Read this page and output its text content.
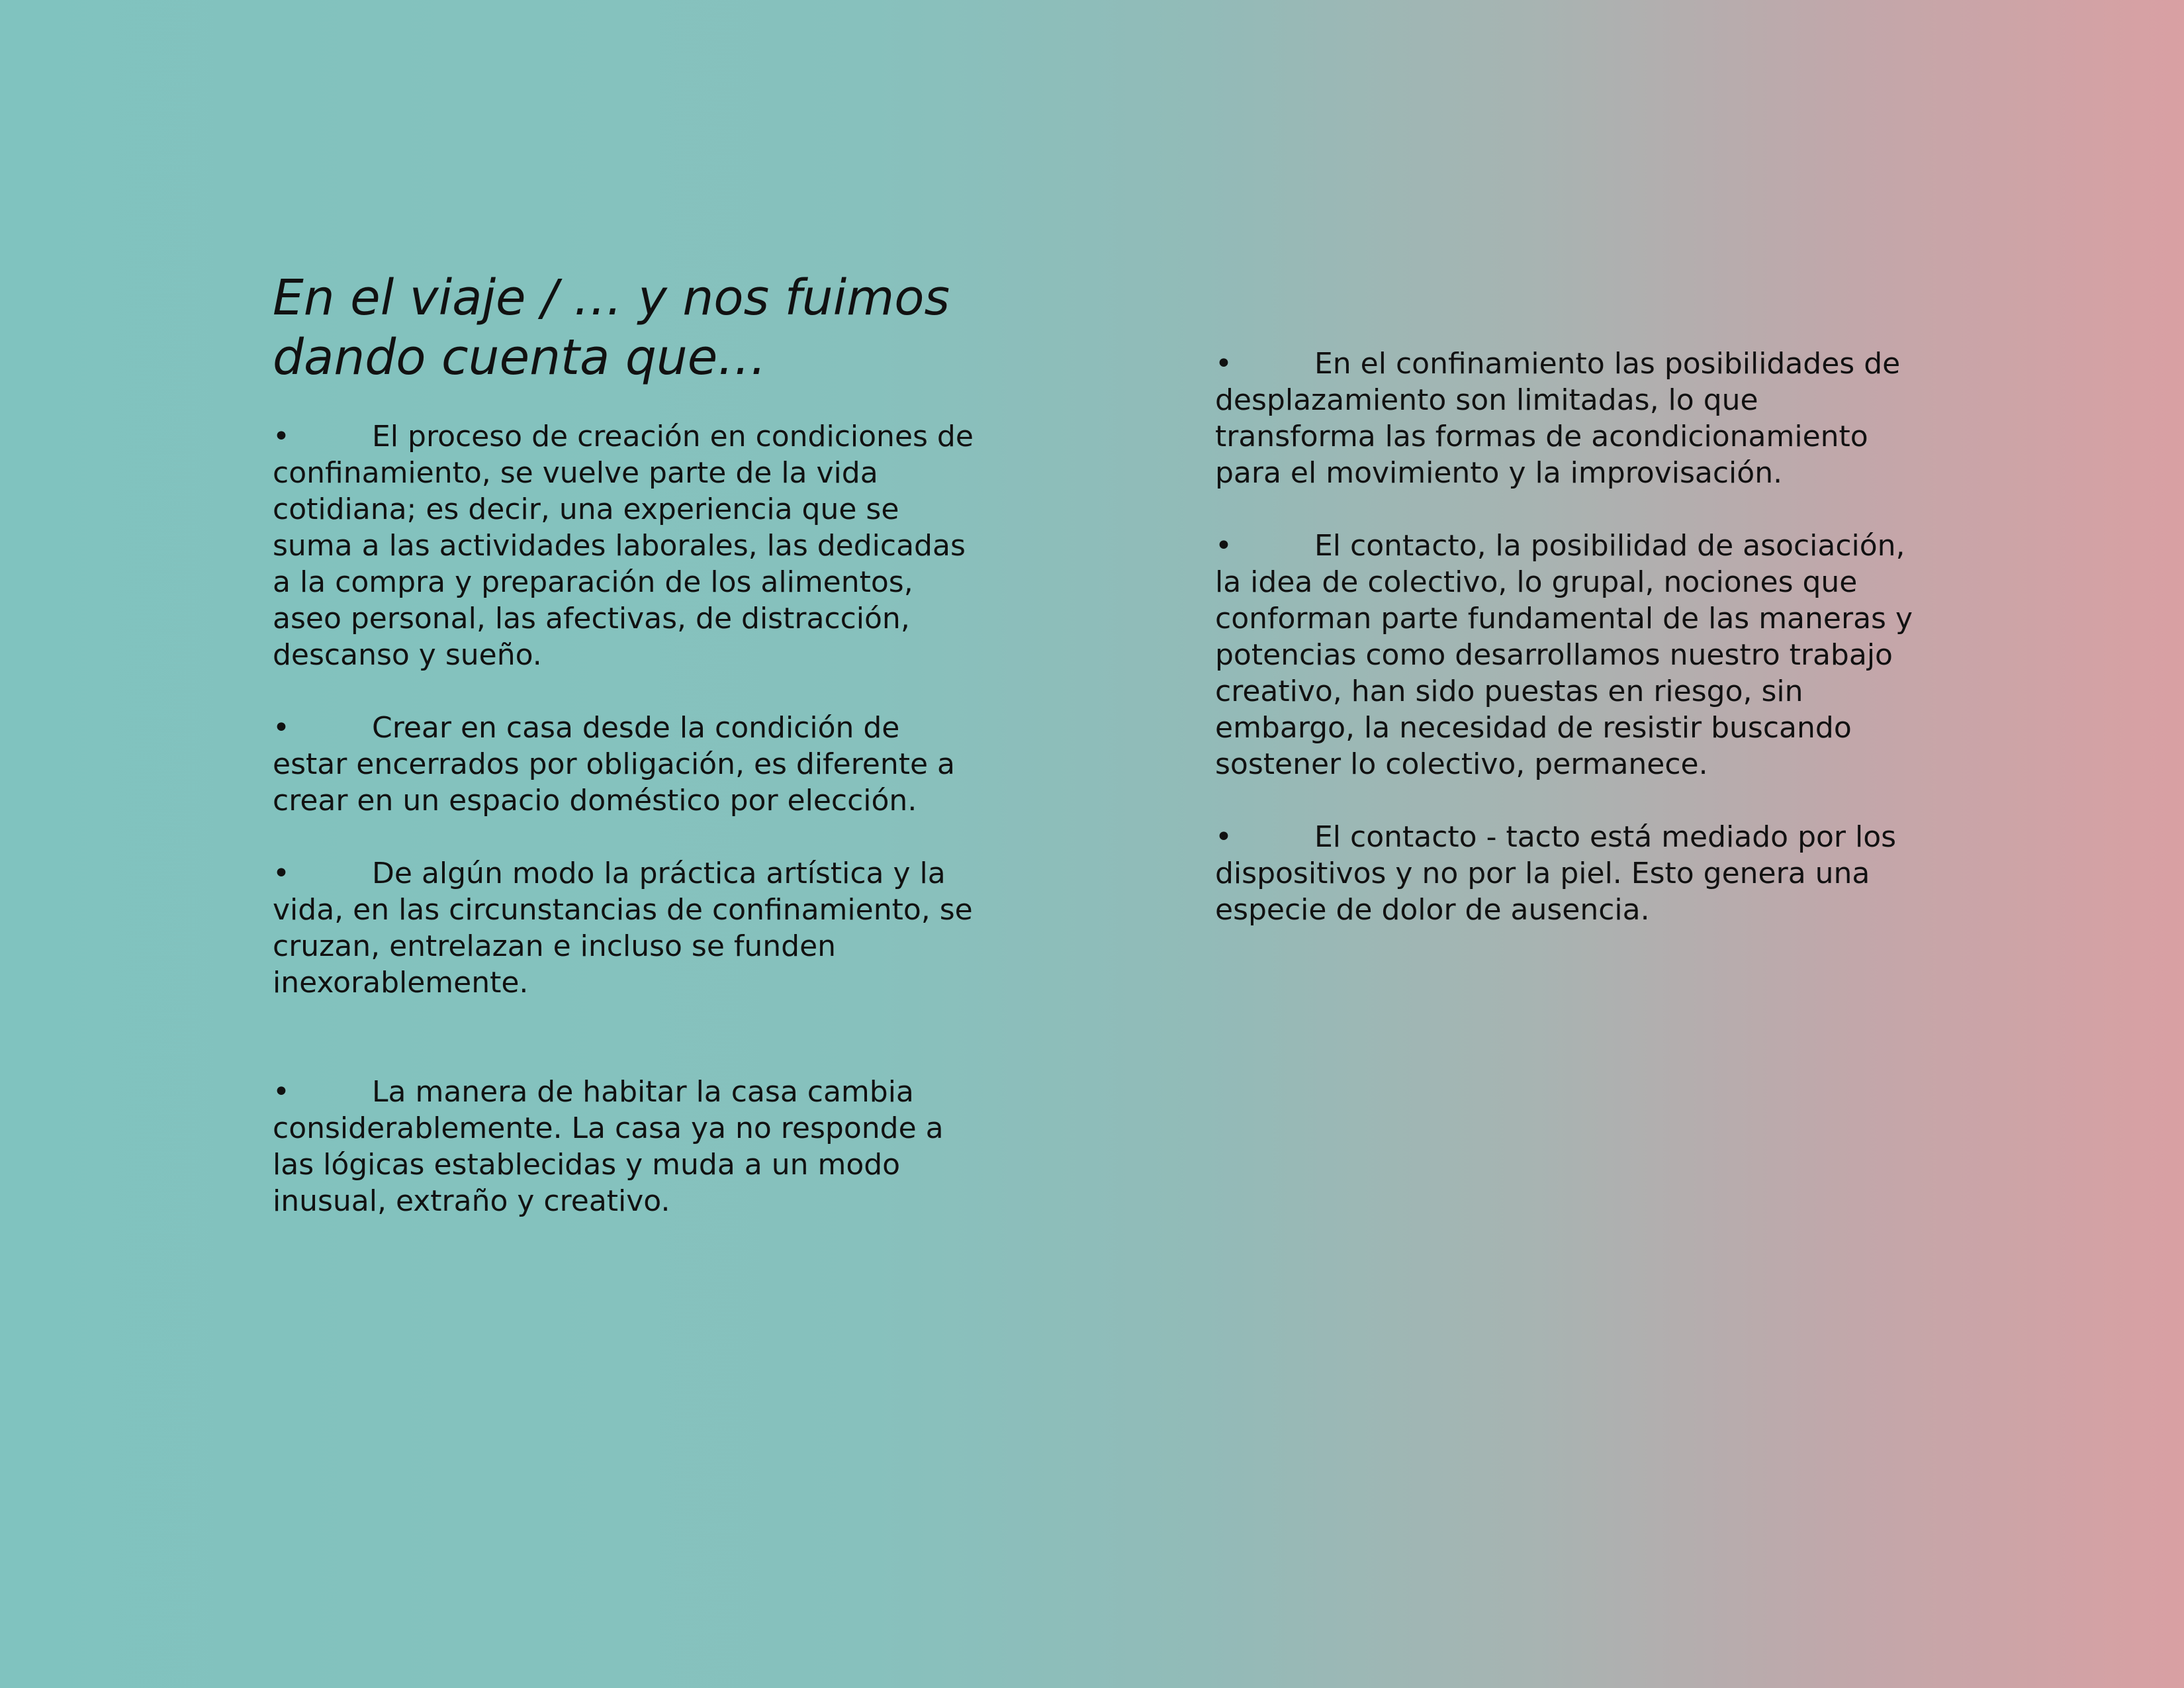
En el viaje / … y nos fuimos dando cuenta que…
•	El proceso de creación en condiciones de confinamiento, se vuelve parte de la vida cotidiana; es decir, una experiencia que se suma a las actividades laborales, las dedicadas a la compra y preparación de los alimentos, aseo personal, las afectivas, de distracción, descanso y sueño.
•	Crear en casa desde la condición de estar encerrados por obligación, es diferente a crear en un espacio doméstico por elección.
•	De algún modo la práctica artística y la vida, en las circunstancias de confinamiento, se cruzan, entrelazan e incluso se funden inexorablemente.
•	La manera de habitar la casa cambia considerablemente. La casa ya no responde a las lógicas establecidas y muda a un modo inusual, extraño y creativo.
•	En el confinamiento las posibilidades de desplazamiento son limitadas, lo que transforma las formas de acondicionamiento para el movimiento y la improvisación.
•	El contacto, la posibilidad de asociación, la idea de colectivo, lo grupal, nociones que conforman parte fundamental de las maneras y potencias como desarrollamos nuestro trabajo creativo, han sido puestas en riesgo, sin embargo, la necesidad de resistir buscando sostener lo colectivo, permanece.
•	El contacto - tacto está mediado por los dispositivos y no por la piel. Esto genera una especie de dolor de ausencia.
